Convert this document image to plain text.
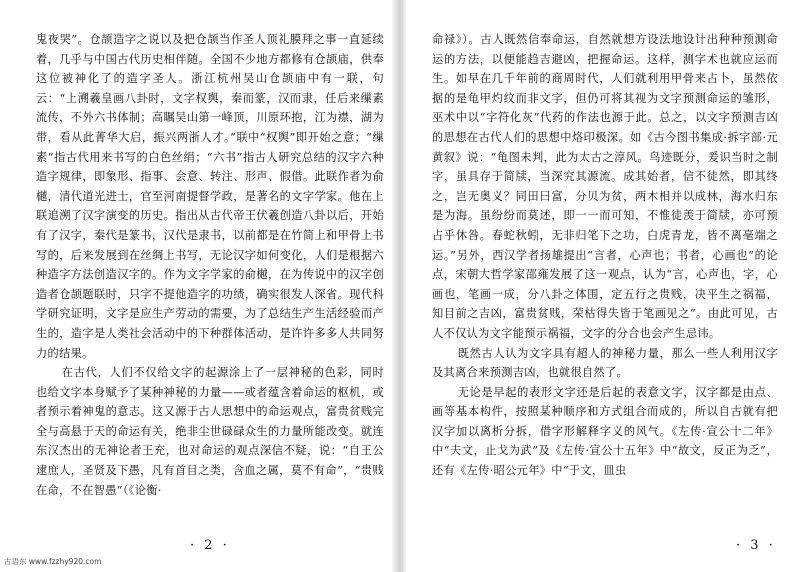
鬼夜哭”。仓颉造字之说以及把仓颉当作圣人顶礼膜拜之事一直延续着，几乎与中国古代历史相伴随。全国不少地方都修有仓颉庙，供奉这位被神化了的造字圣人。浙江杭州吴山仓颉庙中有一联，句云：“上溯羲皇画八卦时，文字权舆，秦而篆，汉而隶，任后来缫素流传，不外六书体制；高瞩吴山第一峰顶，川原环抱，江为襟，湖为带，看从此菁华大启，振兴两浙人才。”联中“权舆”即开始之意；“缫素”指古代用来书写的白色丝绢；“六书”指古人研究总结的汉字六种造字规律，即象形、指事、会意、转注、形声、假借。此联作者为俞樾，清代道光进士，官至河南提督学政，是著名的文字学家。他在上联追溯了汉字演变的历史。指出从古代帝王伏羲创造八卦以后，开始有了汉字，秦代是篆书，汉代是隶书，以前都是在竹简上和甲骨上书写的，后来发展到在丝绸上书写，无论汉字如何变化，人们是根据六种造字方法创造汉字的。作为文字学家的俞樾，在为传说中的汉字创造者仓颉题联时，只字不提他造字的功绩，确实很发人深省。现代科学研究证明，文字是应生产劳动的需要，为了总结生产生活经验而产生的，造字是人类社会活动中的下种群体活动，是许许多多人共同努力的结果。

在古代，人们不仅给文字的起源涂上了一层神秘的色彩，同时也给文字本身赋予了某种神秘的力量——或者蕴含着命运的枢机，或者预示着神鬼的意志。这又源于古人思想中的命运观点，富贵贫贱完全与高悬于天的命运有关，绝非尘世碌碌众生的力量所能改变。就连东汉杰出的无神论者王充，也对命运的观点深信不疑，说：“自王公逮庶人，圣贤及下愚，凡有首目之类，含血之属，莫不有命”，“贵贱在命，不在智愚”（《论衡·

· 2 ·

命禄》）。古人既然信奉命运，自然就想方设法地设计出种种预测命运的方法，以便能趋吉避凶，把握命运。这样，测字术也就应运而生。如早在几千年前的商周时代，人们就利用甲骨来占卜，虽然依据的是龟甲灼纹而非文字，但仍可将其视为文字预测命运的雏形，巫术中以“字符化灰”代药的作法也源于此。总之，以文字预测吉凶的思想在古代人们的思想中烙印极深。如《古今图书集成·拆字部·元黄叙》说：“龟图未判，此为太古之淳风。鸟迹既分，爰识当时之制字，虽具存于简牍，当深究其源流。成其始者，信不徒然，即其终之，岂无奥义？同田曰富，分贝为贫，两木相并以成林，海水归东是为海。虽纷纷而莫述，即一一而可知，不惟徒羡于简牍，亦可预占乎休咎。春蛇秋蚓，无非归笔下之功，白虎青龙，皆不离毫端之运。”另外，西汉学者扬雄提出“言者，心声也；书者，心画也”的论点，宋朝大哲学家邵雍发展了这一观点，认为“言，心声也，字，心画也，笔画一成，分八卦之体围，定五行之贵贱，决平生之祸福，知目前之吉凶，富贵贫贱，荣枯得失皆于笔画见之”。由此可见，古人不仅认为文字能预示祸福，文字的分合也会产生忌讳。

既然古人认为文字具有超人的神秘力量，那么一些人利用汉字及其离合来预测吉凶，也就很自然了。

无论是早起的表形文字还是后起的表意文字，汉字都是由点、画等基本构件，按照某种顺序和方式组合而成的，所以自古就有把汉字加以离析分拆，借字形解释字义的风气。《左传·宣公十二年》中“夫文，止戈为武”及《左传·宣公十五年》中“故文，反正为乏”，还有《左传·昭公元年》中“于文，皿虫

· 3 ·
古语东 www.fzzhy920.com
